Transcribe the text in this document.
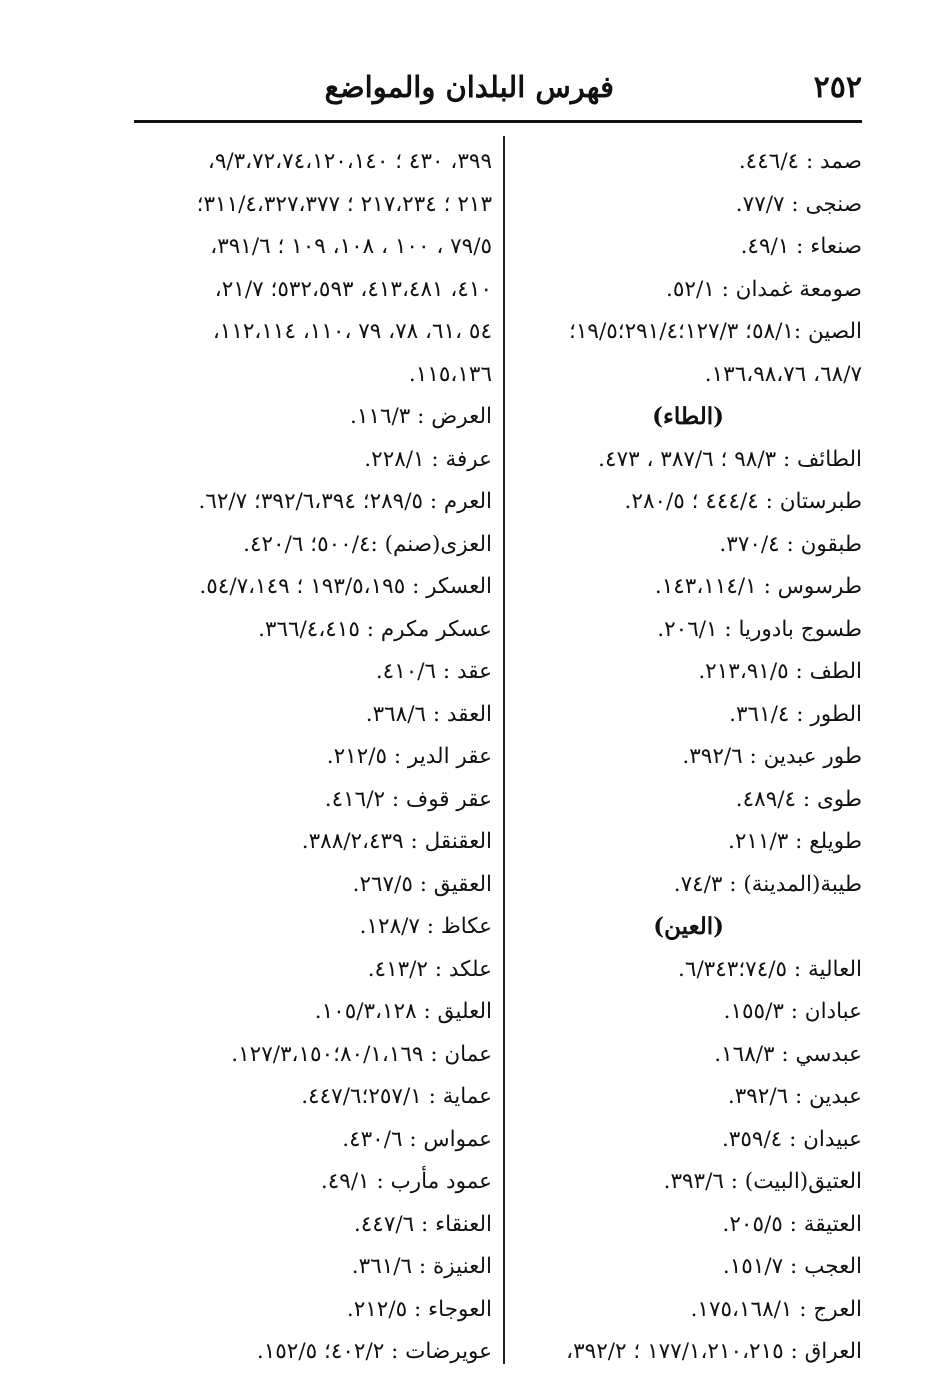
٢٥٢
فهرس البلدان والمواضع
صمد : ٤٤٦/٤.
صنجى : ٧٧/٧.
صنعاء : ٤٩/١.
صومعة غمدان : ٥٢/١.
الصين :٥٨/١؛ ١٢٧/٣؛٢٩١/٤؛١٩/٥؛
٦٨/٧، ١٣٦،٩٨،٧٦.
(الطاء)
الطائف : ٩٨/٣ ؛ ٣٨٧/٦ ، ٤٧٣.
طبرستان : ٤٤٤/٤ ؛ ٢٨٠/٥.
طبقون : ٣٧٠/٤.
طرسوس : ١٤٣،١١٤/١.
طسوج بادوريا : ٢٠٦/١.
الطف : ٢١٣،٩١/٥.
الطور : ٣٦١/٤.
طور عبدين : ٣٩٢/٦.
طوى : ٤٨٩/٤.
طويلع : ٢١١/٣.
طيبة(المدينة) : ٧٤/٣.
(العين)
العالية : ٧٤/٥؛٦/٣٤٣.
عبادان : ١٥٥/٣.
عبدسي : ١٦٨/٣.
عبدين : ٣٩٢/٦.
عبيدان : ٣٥٩/٤.
العتيق(البيت) : ٣٩٣/٦.
العتيقة : ٢٠٥/٥.
العجب : ١٥١/٧.
العرج : ١٧٥،١٦٨/١.
العراق : ١٧٧/١،٢١٠،٢١٥ ؛ ٣٩٢/٢،
٣٩٩، ٤٣٠ ؛ ٩/٣،٧٢،٧٤،١٢٠،١٤٠،
٢١٣ ؛ ٢١٧،٢٣٤ ؛ ٣١١/٤،٣٢٧،٣٧٧؛
٧٩/٥ ، ١٠٠ ، ١٠٨، ١٠٩ ؛ ٣٩١/٦،
٤١٠، ٤١٣،٤٨١، ٥٣٢،٥٩٣؛ ٢١/٧،
٥٤ ،٦١، ٧٨، ٧٩ ،١١٠، ١١٢،١١٤،
١١٥،١٣٦.
العرض : ١١٦/٣.
عرفة : ٢٢٨/١.
العرم : ٢٨٩/٥؛ ٣٩٢/٦،٣٩٤؛ ٦٢/٧.
العزى(صنم) :٥٠٠/٤؛ ٤٢٠/٦.
العسكر : ١٩٣/٥،١٩٥ ؛ ٥٤/٧،١٤٩.
عسكر مكرم : ٣٦٦/٤،٤١٥.
عقد : ٤١٠/٦.
العقد : ٣٦٨/٦.
عقر الدير : ٢١٢/٥.
عقر قوف : ٤١٦/٢.
العقنقل : ٣٨٨/٢،٤٣٩.
العقيق : ٢٦٧/٥.
عكاظ : ١٢٨/٧.
علكد : ٤١٣/٢.
العليق : ١٠٥/٣،١٢٨.
عمان : ٨٠/١،١٦٩؛١٢٧/٣،١٥٠.
عماية : ٢٥٧/١؛٤٤٧/٦.
عمواس : ٤٣٠/٦.
عمود مأرب : ٤٩/١.
العنقاء : ٤٤٧/٦.
العنيزة : ٣٦١/٦.
العوجاء : ٢١٢/٥.
عويرضات : ٤٠٢/٢؛ ١٥٢/٥.
